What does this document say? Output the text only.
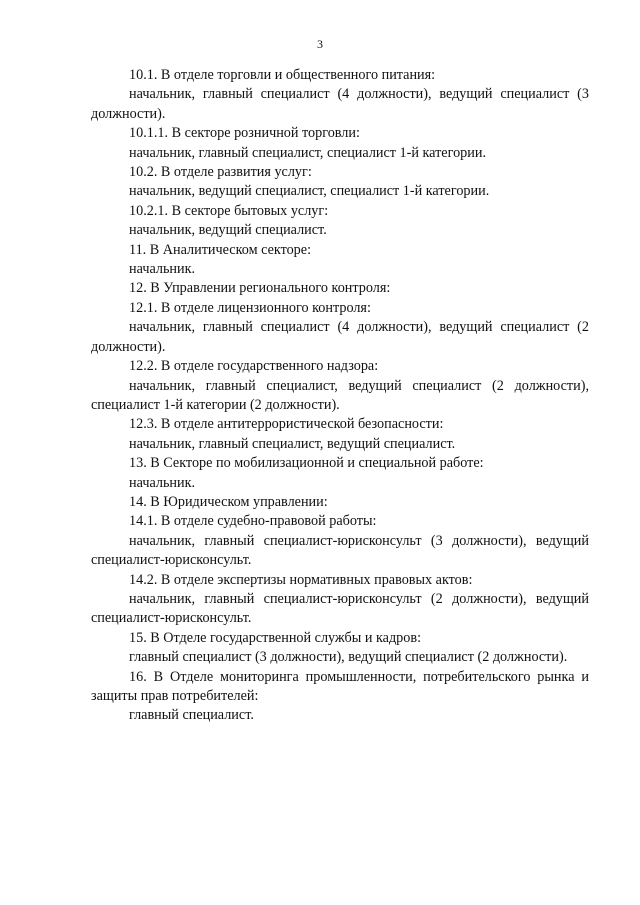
3

10.1. В отделе торговли и общественного питания:

начальник, главный специалист (4 должности), ведущий специалист (3 должности).

10.1.1. В секторе розничной торговли:

начальник, главный специалист, специалист 1-й категории.

10.2. В отделе развития услуг:

начальник, ведущий специалист, специалист 1-й категории.

10.2.1. В секторе бытовых услуг:

начальник, ведущий специалист.

11. В Аналитическом секторе:

начальник.

12. В Управлении регионального контроля:

12.1. В отделе лицензионного контроля:

начальник, главный специалист (4 должности), ведущий специалист (2 должности).

12.2. В отделе государственного надзора:

начальник, главный специалист, ведущий специалист (2 должности), специалист 1-й категории (2 должности).

12.3. В отделе антитеррористической безопасности:

начальник, главный специалист, ведущий специалист.

13. В Секторе по мобилизационной и специальной работе:

начальник.

14. В Юридическом управлении:

14.1. В отделе судебно-правовой работы:

начальник, главный специалист-юрисконсульт (3 должности), ведущий специалист-юрисконсульт.

14.2. В отделе экспертизы нормативных правовых актов:

начальник, главный специалист-юрисконсульт (2 должности), ведущий специалист-юрисконсульт.

15. В Отделе государственной службы и кадров:

главный специалист (3 должности), ведущий специалист (2 должности).

16. В Отделе мониторинга промышленности, потребительского рынка и защиты прав потребителей:

главный специалист.
